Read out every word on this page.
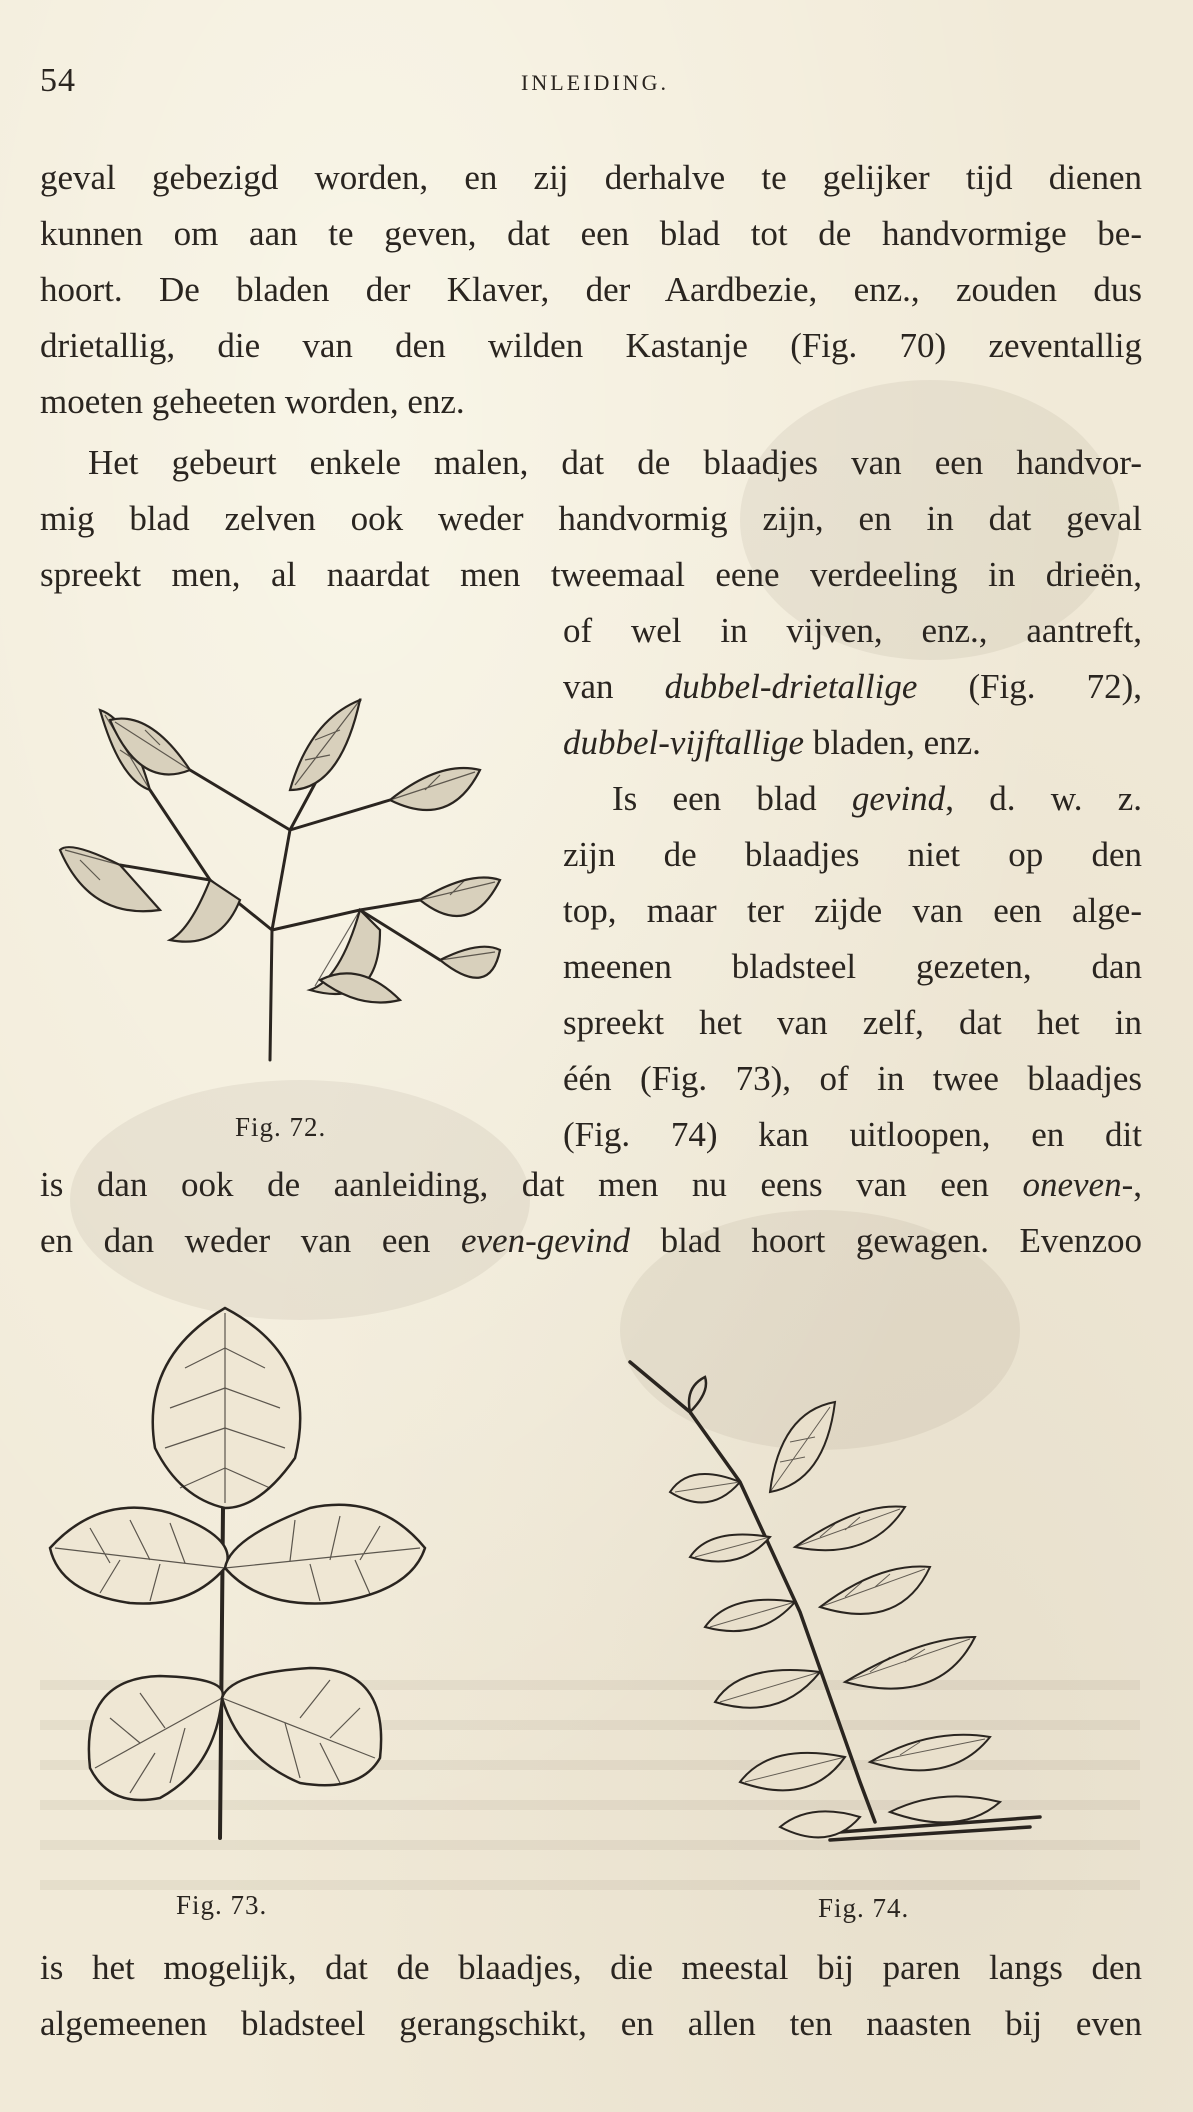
54	INLEIDING.
geval gebezigd worden, en zij derhalve te gelijker tijd dienen
kunnen om aan te geven, dat een blad tot de handvormige be-
hoort. De bladen der Klaver, der Aardbezie, enz., zouden dus
drietallig, die van den wilden Kastanje (Fig. 70) zeventallig
moeten geheeten worden, enz.
Het gebeurt enkele malen, dat de blaadjes van een handvor-
mig blad zelven ook weder handvormig zijn, en in dat geval
spreekt men, al naardat men tweemaal eene verdeeling in drieën,
of wel in vijven, enz., aantreft,
van dubbel-drietallige (Fig. 72),
dubbel-vijftallige bladen, enz.
Is een blad gevind, d. w. z.
zijn de blaadjes niet op den
top, maar ter zijde van een alge-
meenen bladsteel gezeten, dan
spreekt het van zelf, dat het in
één (Fig. 73), of in twee blaadjes
(Fig. 74) kan uitloopen, en dit
is dan ook de aanleiding, dat men nu eens van een oneven-,
en dan weder van een even-gevind blad hoort gewagen. Evenzoo
is het mogelijk, dat de blaadjes, die meestal bij paren langs den
algemeenen bladsteel gerangschikt, en allen ten naasten bij even
Fig. 72.
Fig. 73.	Fig. 74.
